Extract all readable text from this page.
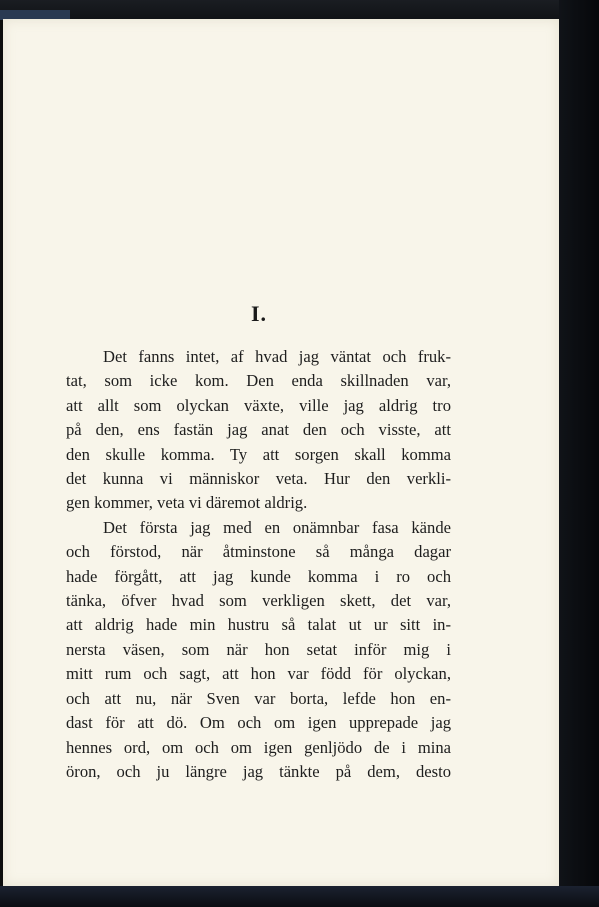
I.
Det fanns intet, af hvad jag väntat och fruk-
tat, som icke kom. Den enda skillnaden var,
att allt som olyckan växte, ville jag aldrig tro
på den, ens fastän jag anat den och visste, att
den skulle komma. Ty att sorgen skall komma
det kunna vi människor veta. Hur den verkli-
gen kommer, veta vi däremot aldrig.
Det första jag med en onämnbar fasa kände
och förstod, när åtminstone så många dagar
hade förgått, att jag kunde komma i ro och
tänka, öfver hvad som verkligen skett, det var,
att aldrig hade min hustru så talat ut ur sitt in-
nersta väsen, som när hon setat inför mig i
mitt rum och sagt, att hon var född för olyckan,
och att nu, när Sven var borta, lefde hon en-
dast för att dö. Om och om igen upprepade jag
hennes ord, om och om igen genljödo de i mina
öron, och ju längre jag tänkte på dem, desto
